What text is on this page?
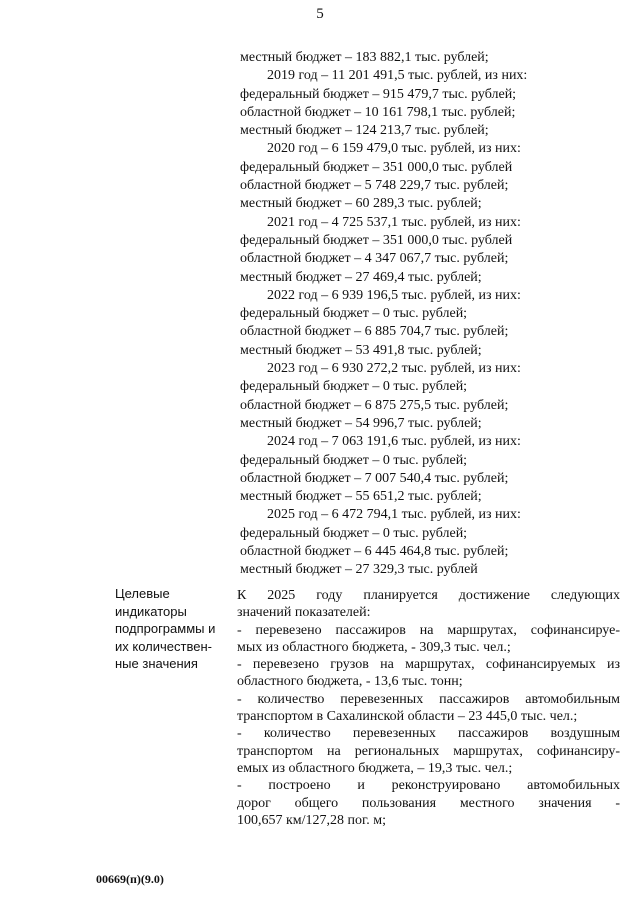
5
местный бюджет – 183 882,1 тыс. рублей;
2019 год – 11 201 491,5 тыс. рублей, из них:
федеральный бюджет – 915 479,7 тыс. рублей;
областной бюджет – 10 161 798,1 тыс. рублей;
местный бюджет – 124 213,7 тыс. рублей;
2020 год – 6 159 479,0 тыс. рублей, из них:
федеральный бюджет – 351 000,0 тыс. рублей
областной бюджет – 5 748 229,7 тыс. рублей;
местный бюджет – 60 289,3 тыс. рублей;
2021 год – 4 725 537,1 тыс. рублей, из них:
федеральный бюджет – 351 000,0 тыс. рублей
областной бюджет – 4 347 067,7 тыс. рублей;
местный бюджет – 27 469,4 тыс. рублей;
2022 год – 6 939 196,5 тыс. рублей, из них:
федеральный бюджет – 0 тыс. рублей;
областной бюджет – 6 885 704,7 тыс. рублей;
местный бюджет – 53 491,8 тыс. рублей;
2023 год – 6 930 272,2 тыс. рублей, из них:
федеральный бюджет – 0 тыс. рублей;
областной бюджет – 6 875 275,5 тыс. рублей;
местный бюджет – 54 996,7 тыс. рублей;
2024 год – 7 063 191,6 тыс. рублей, из них:
федеральный бюджет – 0 тыс. рублей;
областной бюджет – 7 007 540,4 тыс. рублей;
местный бюджет – 55 651,2 тыс. рублей;
2025 год – 6 472 794,1 тыс. рублей, из них:
федеральный бюджет – 0 тыс. рублей;
областной бюджет – 6 445 464,8 тыс. рублей;
местный бюджет – 27 329,3 тыс. рублей
Целевые
индикаторы
подпрограммы и
их количествен-
ные значения
К 2025 году планируется достижение следующих
значений показателей:
- перевезено пассажиров на маршрутах, софинансируе-
мых из областного бюджета, - 309,3 тыс. чел.;
- перевезено грузов на маршрутах, софинансируемых из
областного бюджета, - 13,6 тыс. тонн;
- количество перевезенных пассажиров автомобильным
транспортом в Сахалинской области – 23 445,0 тыс. чел.;
- количество перевезенных пассажиров воздушным
транспортом на региональных маршрутах, софинансиру-
емых из областного бюджета, – 19,3 тыс. чел.;
- построено и реконструировано автомобильных
дорог общего пользования местного значения -
100,657 км/127,28 пог. м;
00669(п)(9.0)
